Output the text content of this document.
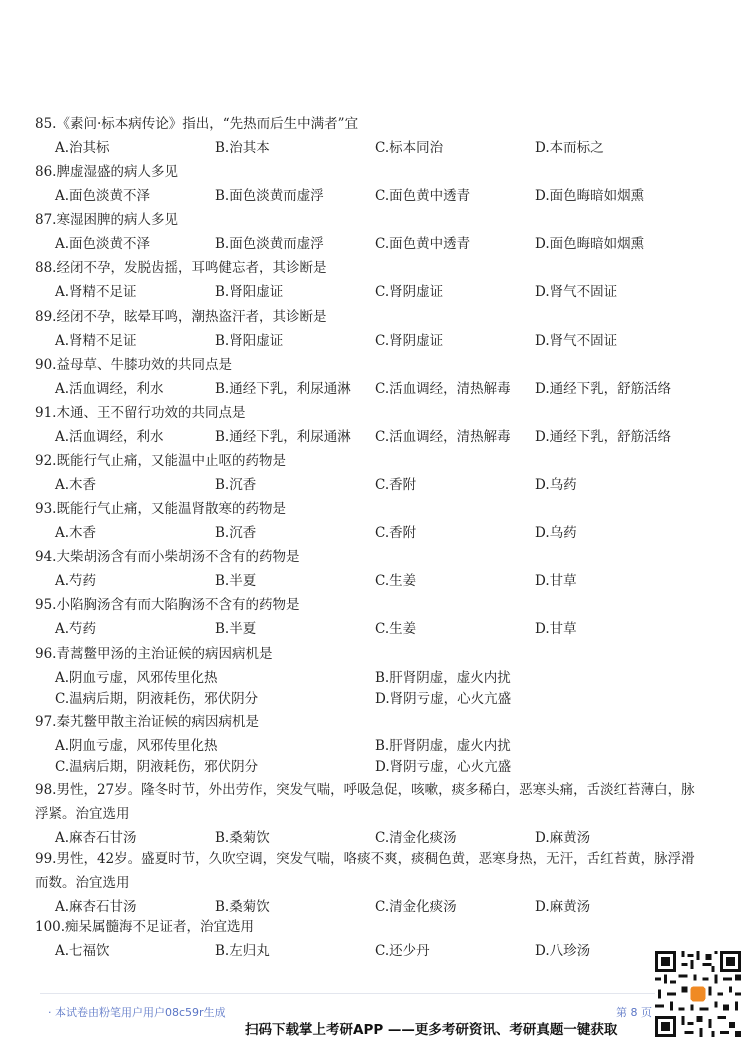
85.《素问·标本病传论》指出，“先热而后生中满者”宜
A.治其标	B.治其本	C.标本同治	D.本而标之
86.脾虚湿盛的病人多见
A.面色淡黄不泽	B.面色淡黄而虚浮	C.面色黄中透青	D.面色晦暗如烟熏
87.寒湿困脾的病人多见
A.面色淡黄不泽	B.面色淡黄而虚浮	C.面色黄中透青	D.面色晦暗如烟熏
88.经闭不孕，发脱齿摇，耳鸣健忘者，其诊断是
A.肾精不足证	B.肾阳虚证	C.肾阴虚证	D.肾气不固证
89.经闭不孕，眩晕耳鸣，潮热盗汗者，其诊断是
A.肾精不足证	B.肾阳虚证	C.肾阴虚证	D.肾气不固证
90.益母草、牛膝功效的共同点是
A.活血调经，利水	B.通经下乳，利尿通淋 C.活血调经，清热解毒 D.通经下乳，舒筋活络
91.木通、王不留行功效的共同点是
A.活血调经，利水	B.通经下乳，利尿通淋 C.活血调经，清热解毒 D.通经下乳，舒筋活络
92.既能行气止痛，又能温中止呕的药物是
A.木香	B.沉香	C.香附	D.乌药
93.既能行气止痛，又能温肾散寒的药物是
A.木香	B.沉香	C.香附	D.乌药
94.大柴胡汤含有而小柴胡汤不含有的药物是
A.芍药	B.半夏	C.生姜	D.甘草
95.小陷胸汤含有而大陷胸汤不含有的药物是
A.芍药	B.半夏	C.生姜	D.甘草
96.青蒿鳖甲汤的主治证候的病因病机是
A.阴血亏虚，风邪传里化热	B.肝肾阴虚，虚火内扰
C.温病后期，阴液耗伤，邪伏阴分	D.肾阴亏虚，心火亢盛
97.秦艽鳖甲散主治证候的病因病机是
A.阴血亏虚，风邪传里化热	B.肝肾阴虚，虚火内扰
C.温病后期，阴液耗伤，邪伏阴分	D.肾阴亏虚，心火亢盛
98.男性，27岁。隆冬时节，外出劳作，突发气喘，呼吸急促，咳嗽，痰多稀白，恶寒头痛，舌淡红苔薄白，脉浮紧。治宜选用
A.麻杏石甘汤	B.桑菊饮	C.清金化痰汤	D.麻黄汤
99.男性，42岁。盛夏时节，久吹空调，突发气喘，咯痰不爽，痰稠色黄，恶寒身热，无汗，舌红苔黄，脉浮滑而数。治宜选用
A.麻杏石甘汤	B.桑菊饮	C.清金化痰汤	D.麻黄汤
100.痴呆属髓海不足证者，治宜选用
A.七福饮	B.左归丸	C.还少丹	D.八珍汤
· 本试卷由粉笔用户用户08c59r生成	第 8 页
扫码下载掌上考研APP ——更多考研资讯、考研真题一键获取
